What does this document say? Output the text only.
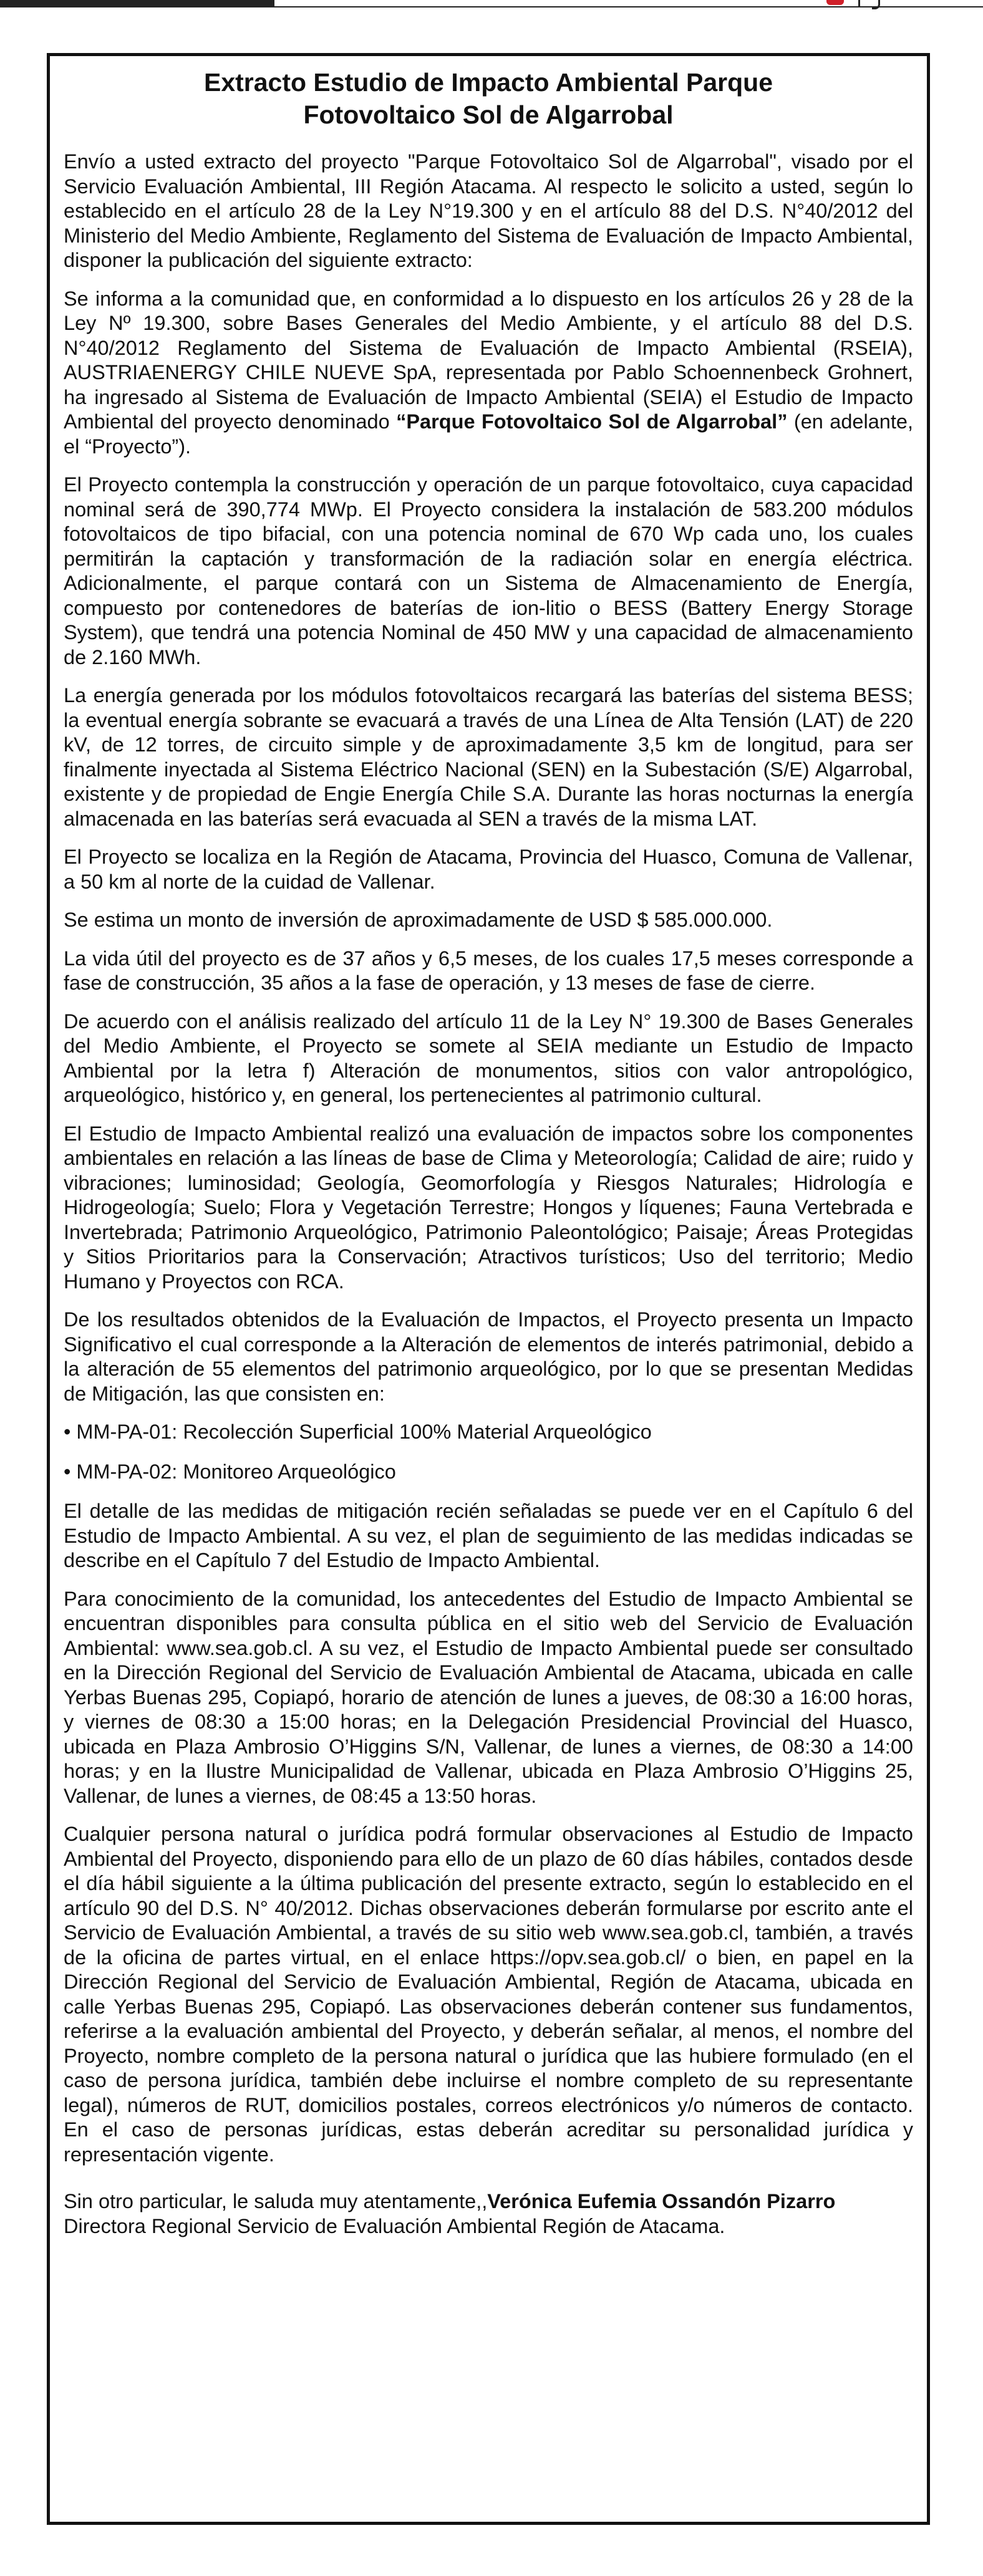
Extracto Estudio de Impacto Ambiental Parque
Fotovoltaico Sol de Algarrobal

Envío a usted extracto del proyecto "Parque Fotovoltaico Sol de Algarrobal", visado por el Servicio Evaluación Ambiental, III Región Atacama. Al respecto le solicito a usted, según lo establecido en el artículo 28 de la Ley N°19.300 y en el artículo 88 del D.S. N°40/2012 del Ministerio del Medio Ambiente, Reglamento del Sistema de Evaluación de Impacto Ambiental, disponer la publicación del siguiente extracto:

Se informa a la comunidad que, en conformidad a lo dispuesto en los artículos 26 y 28 de la Ley Nº 19.300, sobre Bases Generales del Medio Ambiente, y el artículo 88 del D.S. N°40/2012 Reglamento del Sistema de Evaluación de Impacto Ambiental (RSEIA), AUSTRIAENERGY CHILE NUEVE SpA, representada por Pablo Schoennenbeck Grohnert, ha ingresado al Sistema de Evaluación de Impacto Ambiental (SEIA) el Estudio de Impacto Ambiental del proyecto denominado “Parque Fotovoltaico Sol de Algarrobal” (en adelante, el “Proyecto”).

El Proyecto contempla la construcción y operación de un parque fotovoltaico, cuya capacidad nominal será de 390,774 MWp. El Proyecto considera la instalación de 583.200 módulos fotovoltaicos de tipo bifacial, con una potencia nominal de 670 Wp cada uno, los cuales permitirán la captación y transformación de la radiación solar en energía eléctrica. Adicionalmente, el parque contará con un Sistema de Almacenamiento de Energía, compuesto por contenedores de baterías de ion-litio o BESS (Battery Energy Storage System), que tendrá una potencia Nominal de 450 MW y una capacidad de almacenamiento de 2.160 MWh.

La energía generada por los módulos fotovoltaicos recargará las baterías del sistema BESS; la eventual energía sobrante se evacuará a través de una Línea de Alta Tensión (LAT) de 220 kV, de 12 torres, de circuito simple y de aproximadamente 3,5 km de longitud, para ser finalmente inyectada al Sistema Eléctrico Nacional (SEN) en la Subestación (S/E) Algarrobal, existente y de propiedad de Engie Energía Chile S.A. Durante las horas nocturnas la energía almacenada en las baterías será evacuada al SEN a través de la misma LAT.

El Proyecto se localiza en la Región de Atacama, Provincia del Huasco, Comuna de Vallenar, a 50 km al norte de la cuidad de Vallenar.

Se estima un monto de inversión de aproximadamente de USD $ 585.000.000.

La vida útil del proyecto es de 37 años y 6,5 meses, de los cuales 17,5 meses corresponde a fase de construcción, 35 años a la fase de operación, y 13 meses de fase de cierre.

De acuerdo con el análisis realizado del artículo 11 de la Ley N° 19.300 de Bases Generales del Medio Ambiente, el Proyecto se somete al SEIA mediante un Estudio de Impacto Ambiental por la letra f) Alteración de monumentos, sitios con valor antropológico, arqueológico, histórico y, en general, los pertenecientes al patrimonio cultural.

El Estudio de Impacto Ambiental realizó una evaluación de impactos sobre los componentes ambientales en relación a las líneas de base de Clima y Meteorología; Calidad de aire; ruido y vibraciones; luminosidad; Geología, Geomorfología y Riesgos Naturales; Hidrología e Hidrogeología; Suelo; Flora y Vegetación Terrestre; Hongos y líquenes; Fauna Vertebrada e Invertebrada; Patrimonio Arqueológico, Patrimonio Paleontológico; Paisaje; Áreas Protegidas y Sitios Prioritarios para la Conservación; Atractivos turísticos; Uso del territorio; Medio Humano y Proyectos con RCA.

De los resultados obtenidos de la Evaluación de Impactos, el Proyecto presenta un Impacto Significativo el cual corresponde a la Alteración de elementos de interés patrimonial, debido a la alteración de 55 elementos del patrimonio arqueológico, por lo que se presentan Medidas de Mitigación, las que consisten en:

• MM-PA-01: Recolección Superficial 100% Material Arqueológico

• MM-PA-02: Monitoreo Arqueológico

El detalle de las medidas de mitigación recién señaladas se puede ver en el Capítulo 6 del Estudio de Impacto Ambiental. A su vez, el plan de seguimiento de las medidas indicadas se describe en el Capítulo 7 del Estudio de Impacto Ambiental.

Para conocimiento de la comunidad, los antecedentes del Estudio de Impacto Ambiental se encuentran disponibles para consulta pública en el sitio web del Servicio de Evaluación Ambiental: www.sea.gob.cl. A su vez, el Estudio de Impacto Ambiental puede ser consultado en la Dirección Regional del Servicio de Evaluación Ambiental de Atacama, ubicada en calle Yerbas Buenas 295, Copiapó, horario de atención de lunes a jueves, de 08:30 a 16:00 horas, y viernes de 08:30 a 15:00 horas; en la Delegación Presidencial Provincial del Huasco, ubicada en Plaza Ambrosio O’Higgins S/N, Vallenar, de lunes a viernes, de 08:30 a 14:00 horas; y en la Ilustre Municipalidad de Vallenar, ubicada en Plaza Ambrosio O’Higgins 25, Vallenar, de lunes a viernes, de 08:45 a 13:50 horas.

Cualquier persona natural o jurídica podrá formular observaciones al Estudio de Impacto Ambiental del Proyecto, disponiendo para ello de un plazo de 60 días hábiles, contados desde el día hábil siguiente a la última publicación del presente extracto, según lo establecido en el artículo 90 del D.S. N° 40/2012. Dichas observaciones deberán formularse por escrito ante el Servicio de Evaluación Ambiental, a través de su sitio web www.sea.gob.cl, también, a través de la oficina de partes virtual, en el enlace https://opv.sea.gob.cl/ o bien, en papel en la Dirección Regional del Servicio de Evaluación Ambiental, Región de Atacama, ubicada en calle Yerbas Buenas 295, Copiapó. Las observaciones deberán contener sus fundamentos, referirse a la evaluación ambiental del Proyecto, y deberán señalar, al menos, el nombre del Proyecto, nombre completo de la persona natural o jurídica que las hubiere formulado (en el caso de persona jurídica, también debe incluirse el nombre completo de su representante legal), números de RUT, domicilios postales, correos electrónicos y/o números de contacto. En el caso de personas jurídicas, estas deberán acreditar su personalidad jurídica y representación vigente.

Sin otro particular, le saluda muy atentamente,,Verónica Eufemia Ossandón Pizarro
Directora Regional Servicio de Evaluación Ambiental Región de Atacama.
